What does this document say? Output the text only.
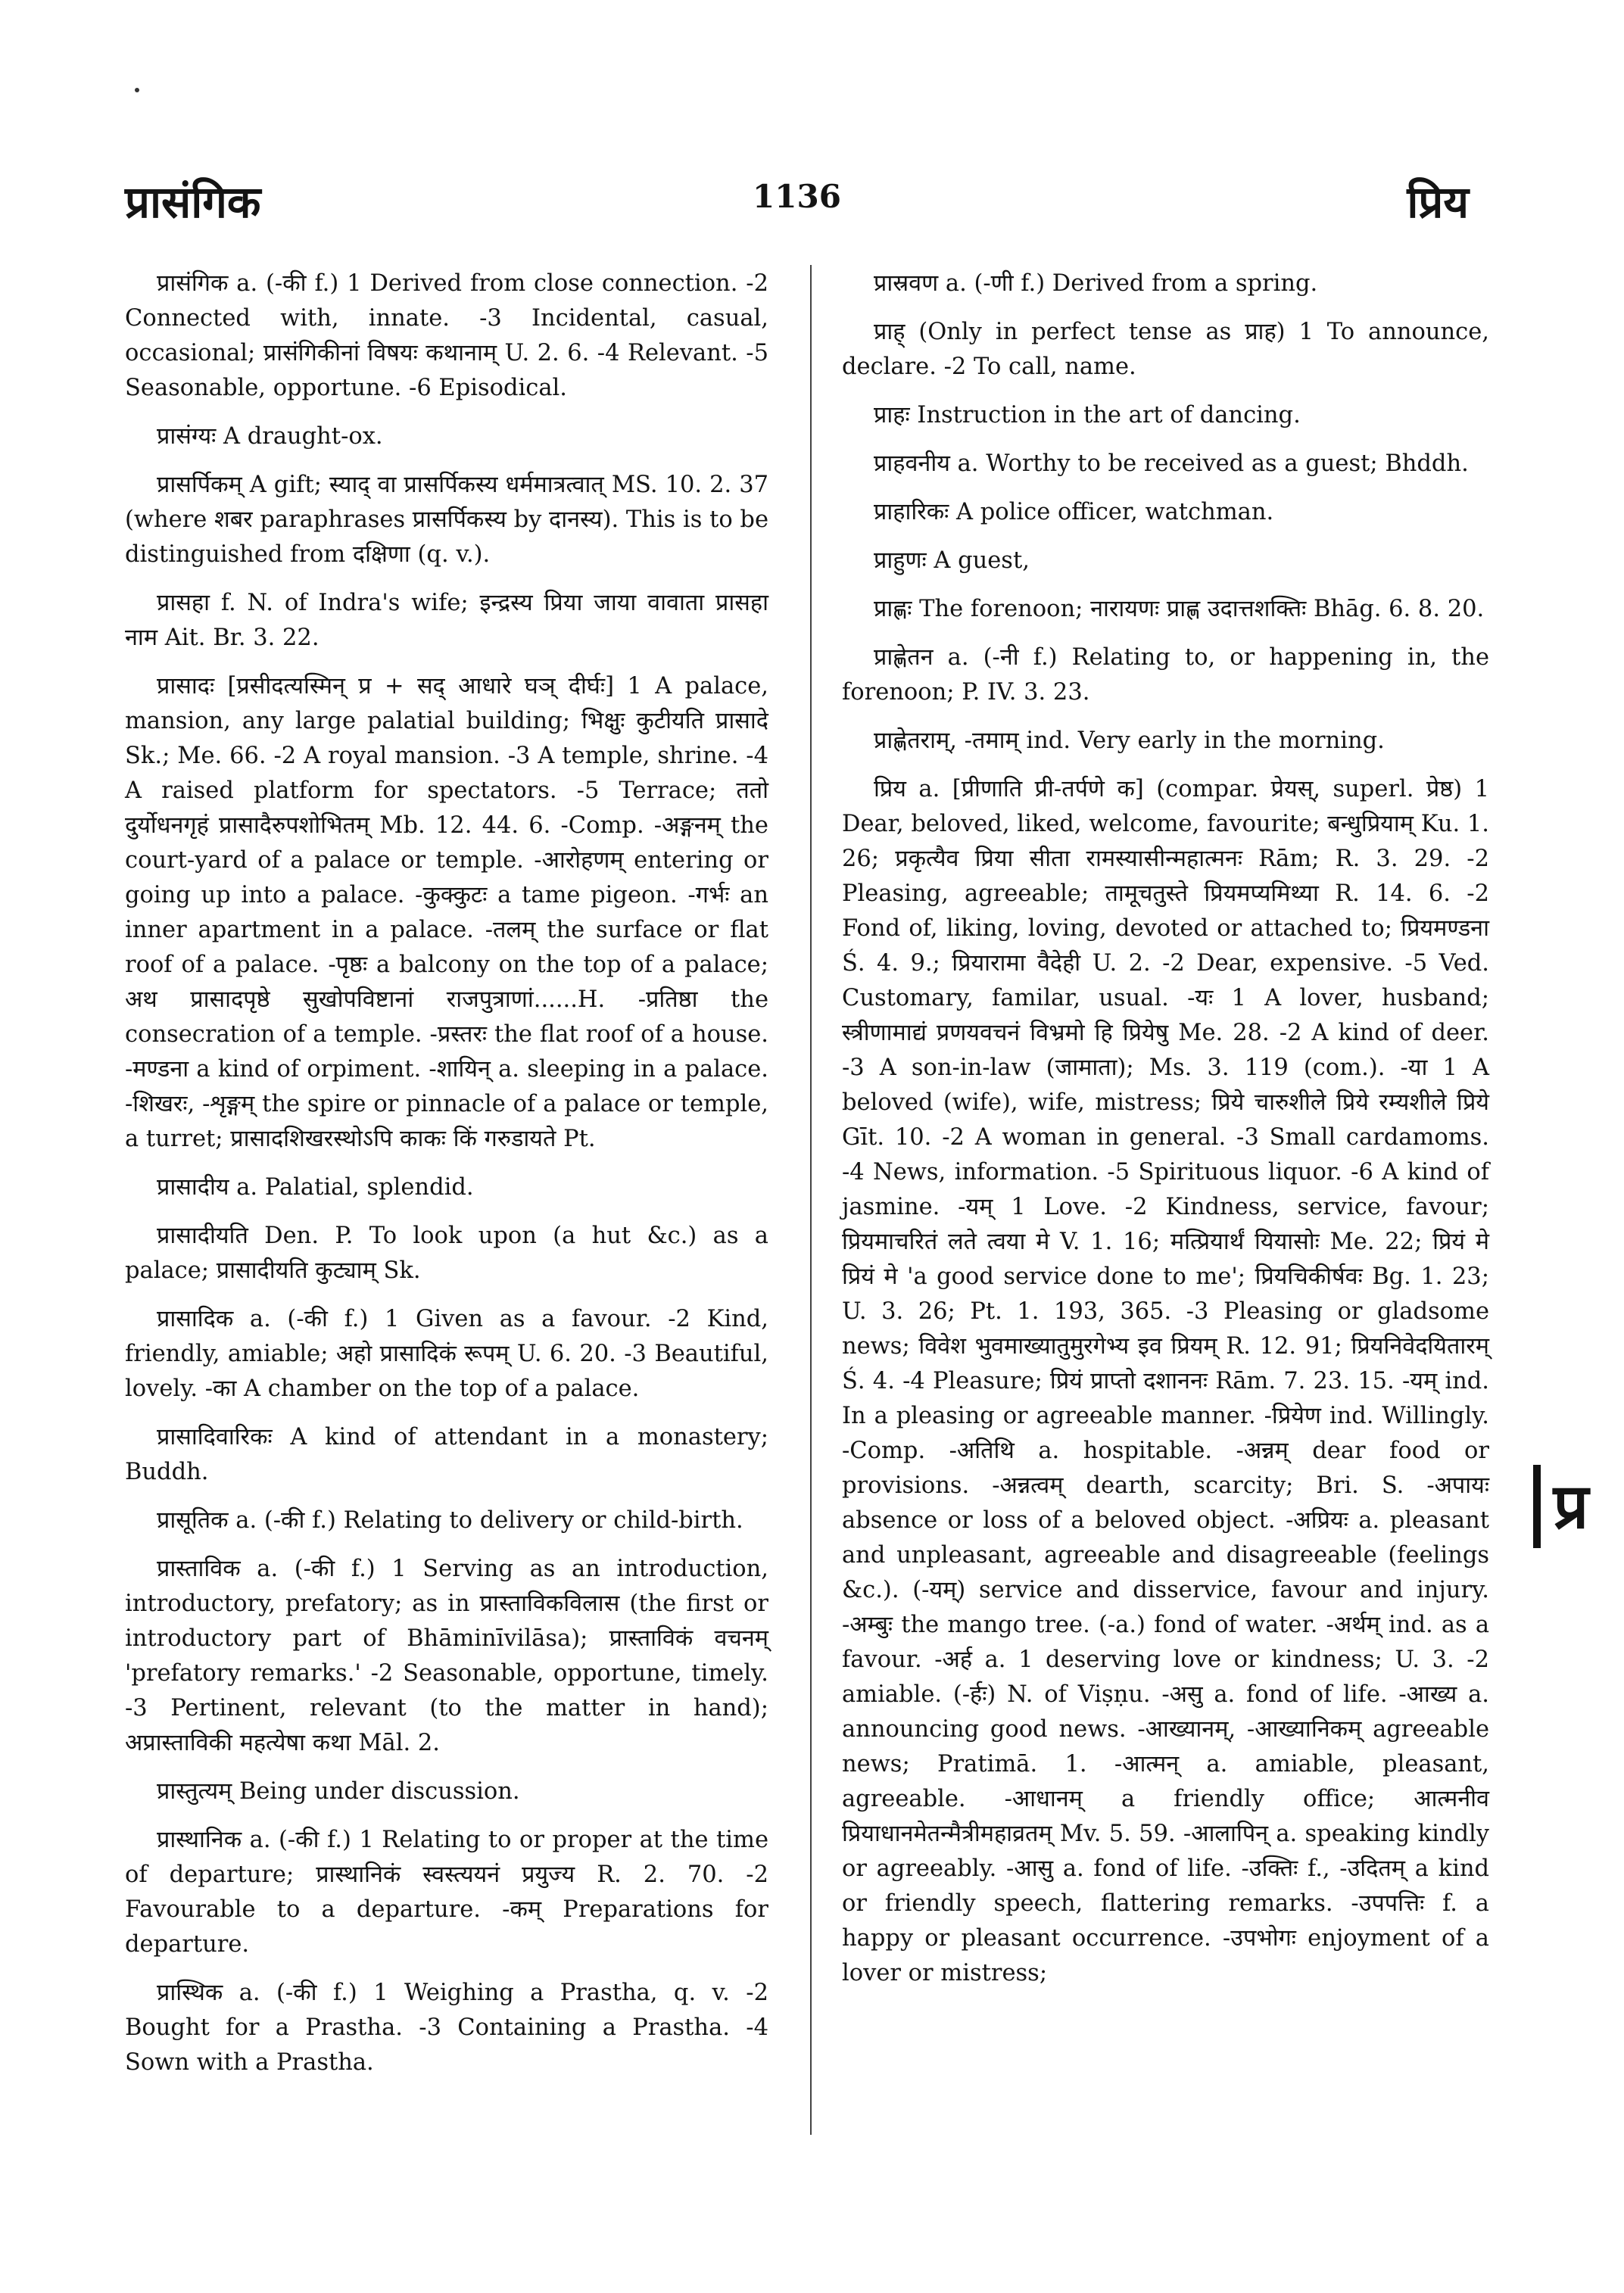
प्रासंगिक	1136	प्रिय

प्रासंगिक a. (-की f.) 1 Derived from close connection. -2 Connected with, innate. -3 Incidental, casual, occasional; प्रासंगिकीनां विषयः कथानाम् U. 2. 6. -4 Relevant. -5 Seasonable, opportune. -6 Episodical.

प्रासंग्यः A draught-ox.

प्रासर्पिकम् A gift; स्याद् वा प्रासर्पिकस्य धर्ममात्रत्वात् MS. 10. 2. 37 (where शबर paraphrases प्रासर्पिकस्य by दानस्य). This is to be distinguished from दक्षिणा (q. v.).

प्रासहा f. N. of Indra's wife; इन्द्रस्य प्रिया जाया वावाता प्रासहा नाम Ait. Br. 3. 22.

प्रासादः [प्रसीदत्यस्मिन् प्र + सद् आधारे घञ् दीर्घः] 1 A palace, mansion, any large palatial building; भिक्षुः कुटीयति प्रासादे Sk.; Me. 66. -2 A royal mansion. -3 A temple, shrine. -4 A raised platform for spectators. -5 Terrace; ततो दुर्योधनगृहं प्रासादैरुपशोभितम् Mb. 12. 44. 6. -Comp. -अङ्गनम् the court-yard of a palace or temple. -आरोहणम् entering or going up into a palace. -कुक्कुटः a tame pigeon. -गर्भः an inner apartment in a palace. -तलम् the surface or flat roof of a palace. -पृष्ठः a balcony on the top of a palace; अथ प्रासादपृष्ठे सुखोपविष्टानां राजपुत्राणां......H. -प्रतिष्ठा the consecration of a temple. -प्रस्तरः the flat roof of a house. -मण्डना a kind of orpiment. -शायिन् a. sleeping in a palace. -शिखरः, -शृङ्गम् the spire or pinnacle of a palace or temple, a turret; प्रासादशिखरस्थोऽपि काकः किं गरुडायते Pt.

प्रासादीय a. Palatial, splendid.

प्रासादीयति Den. P. To look upon (a hut &c.) as a palace; प्रासादीयति कुट्याम् Sk.

प्रासादिक a. (-की f.) 1 Given as a favour. -2 Kind, friendly, amiable; अहो प्रासादिकं रूपम् U. 6. 20. -3 Beautiful, lovely. -का A chamber on the top of a palace.

प्रासादिवारिकः A kind of attendant in a monastery; Buddh.

प्रासूतिक a. (-की f.) Relating to delivery or child-birth.

प्रास्ताविक a. (-की f.) 1 Serving as an introduction, introductory, prefatory; as in प्रास्ताविकविलास (the first or introductory part of Bhāminīvilāsa); प्रास्ताविकं वचनम् 'prefatory remarks.' -2 Seasonable, opportune, timely. -3 Pertinent, relevant (to the matter in hand); अप्रास्ताविकी महत्येषा कथा Māl. 2.

प्रास्तुत्यम् Being under discussion.

प्रास्थानिक a. (-की f.) 1 Relating to or proper at the time of departure; प्रास्थानिकं स्वस्त्ययनं प्रयुज्य R. 2. 70. -2 Favourable to a departure. -कम् Preparations for departure.

प्रास्थिक a. (-की f.) 1 Weighing a Prastha, q. v. -2 Bought for a Prastha. -3 Containing a Prastha. -4 Sown with a Prastha.

प्रास्रवण a. (-णी f.) Derived from a spring.

प्राह् (Only in perfect tense as प्राह) 1 To announce, declare. -2 To call, name.

प्राहः Instruction in the art of dancing.

प्राहवनीय a. Worthy to be received as a guest; Bhddh.

प्राहारिकः A police officer, watchman.

प्राहुणः A guest,

प्राह्णः The forenoon; नारायणः प्राह्ण उदात्तशक्तिः Bhāg. 6. 8. 20.

प्राह्णेतन a. (-नी f.) Relating to, or happening in, the forenoon; P. IV. 3. 23.

प्राह्णेतराम्, -तमाम् ind. Very early in the morning.

प्रिय a. [प्रीणाति प्री-तर्पणे क] (compar. प्रेयस्, superl. प्रेष्ठ) 1 Dear, beloved, liked, welcome, favourite; बन्धुप्रियाम् Ku. 1. 26; प्रकृत्यैव प्रिया सीता रामस्यासीन्महात्मनः Rām; R. 3. 29. -2 Pleasing, agreeable; तामूचतुस्ते प्रियमप्यमिथ्या R. 14. 6. -2 Fond of, liking, loving, devoted or attached to; प्रियमण्डना Ś. 4. 9.; प्रियारामा वैदेही U. 2. -2 Dear, expensive. -5 Ved. Customary, familar, usual. -यः 1 A lover, husband; स्त्रीणामाद्यं प्रणयवचनं विभ्रमो हि प्रियेषु Me. 28. -2 A kind of deer. -3 A son-in-law (जामाता); Ms. 3. 119 (com.). -या 1 A beloved (wife), wife, mistress; प्रिये चारुशीले प्रिये रम्यशीले प्रिये Gīt. 10. -2 A woman in general. -3 Small cardamoms. -4 News, information. -5 Spirituous liquor. -6 A kind of jasmine. -यम् 1 Love. -2 Kindness, service, favour; प्रियमाचरितं लते त्वया मे V. 1. 16; मत्प्रियार्थं यियासोः Me. 22; प्रियं मे प्रियं मे 'a good service done to me'; प्रियचिकीर्षवः Bg. 1. 23; U. 3. 26; Pt. 1. 193, 365. -3 Pleasing or gladsome news; विवेश भुवमाख्यातुमुरगेभ्य इव प्रियम् R. 12. 91; प्रियनिवेदयितारम् Ś. 4. -4 Pleasure; प्रियं प्राप्तो दशाननः Rām. 7. 23. 15. -यम् ind. In a pleasing or agreeable manner. -प्रियेण ind. Willingly. -Comp. -अतिथि a. hospitable. -अन्नम् dear food or provisions. -अन्नत्वम् dearth, scarcity; Bri. S. -अपायः absence or loss of a beloved object. -अप्रियः a. pleasant and unpleasant, agreeable and disagreeable (feelings &c.). (-यम्) service and disservice, favour and injury. -अम्बुः the mango tree. (-a.) fond of water. -अर्थम् ind. as a favour. -अर्ह a. 1 deserving love or kindness; U. 3. -2 amiable. (-र्हः) N. of Viṣṇu. -असु a. fond of life. -आख्य a. announcing good news. -आख्यानम्, -आख्यानिकम् agreeable news; Pratimā. 1. -आत्मन् a. amiable, pleasant, agreeable. -आधानम् a friendly office; आत्मनीव प्रियाधानमेतन्मैत्रीमहाव्रतम् Mv. 5. 59. -आलापिन् a. speaking kindly or agreeably. -आसु a. fond of life. -उक्तिः f., -उदितम् a kind or friendly speech, flattering remarks. -उपपत्तिः f. a happy or pleasant occurrence. -उपभोगः enjoyment of a lover or mistress;

प्र
